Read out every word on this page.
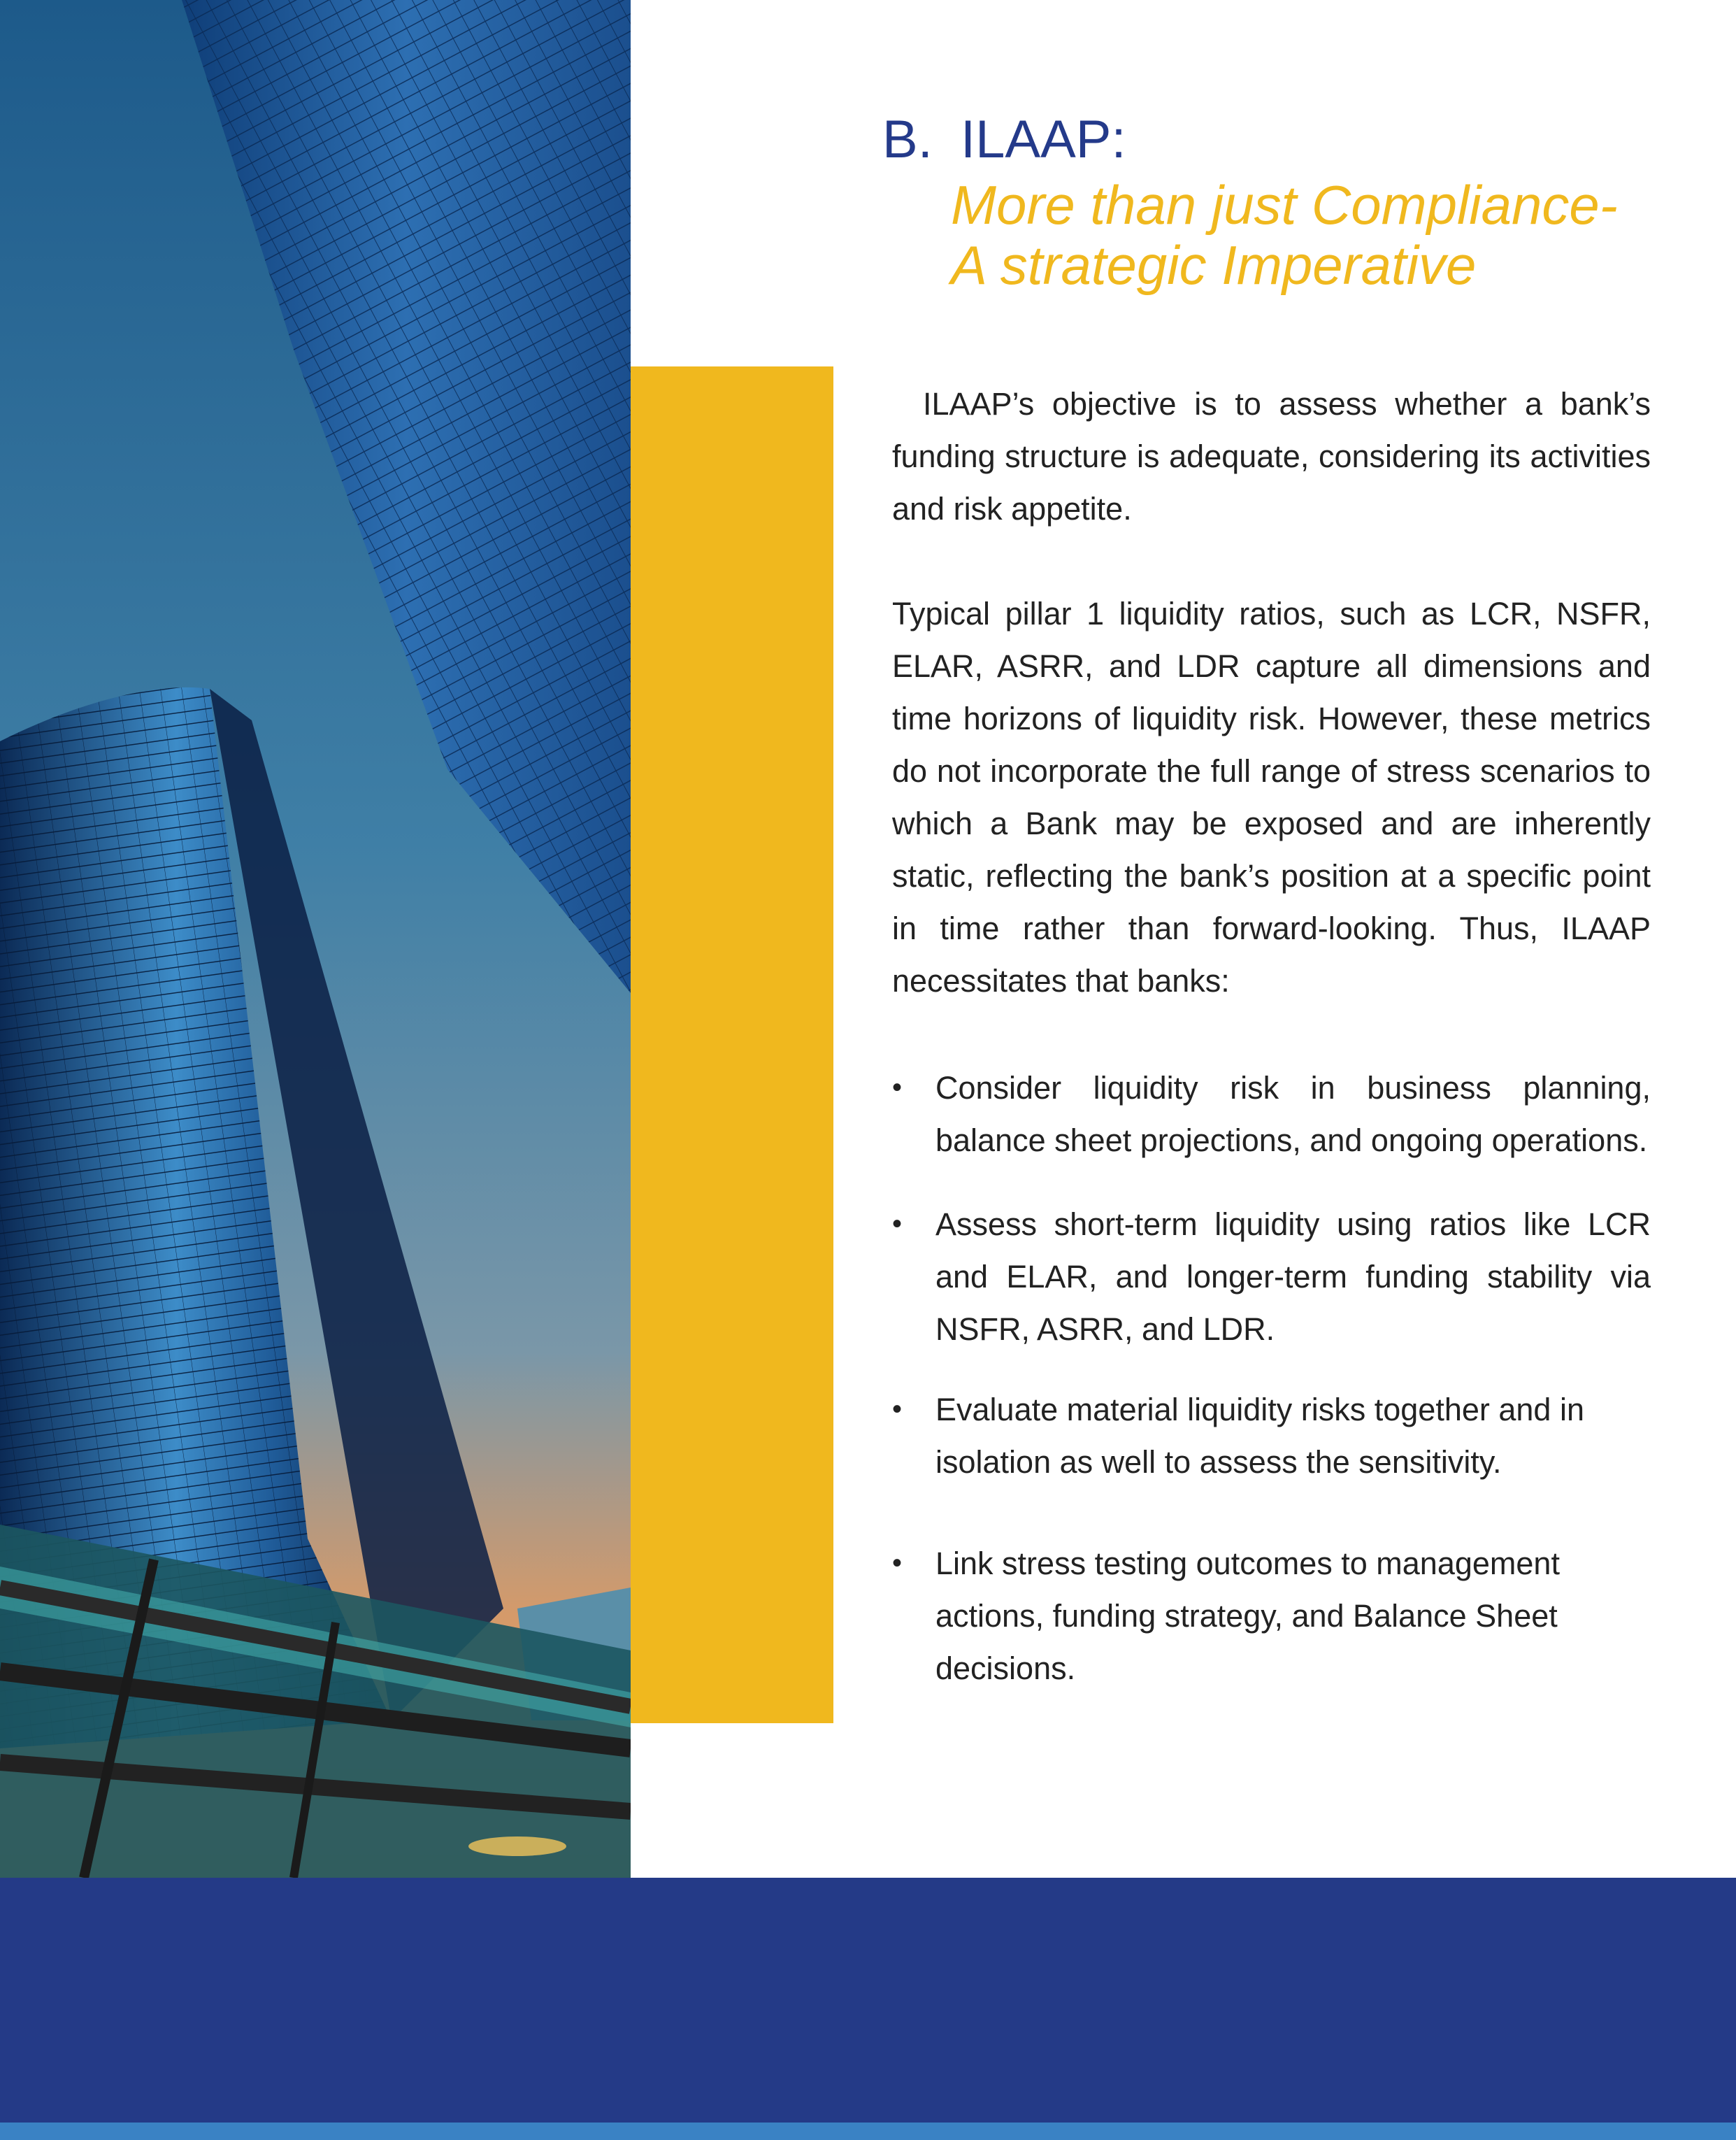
B. ILAAP:
More than just Compliance-
A strategic Imperative

ILAAP’s objective is to assess whether a bank’s funding structure is adequate, considering its activities and risk appetite.

Typical pillar 1 liquidity ratios, such as LCR, NSFR, ELAR, ASRR, and LDR capture all dimensions and time horizons of liquidity risk. However, these metrics do not incorporate the full range of stress scenarios to which a Bank may be exposed and are inherently static, reflecting the bank’s position at a specific point in time rather than forward-looking. Thus, ILAAP necessitates that banks:

•	Consider liquidity risk in business planning, balance sheet projections, and ongoing operations.
•	Assess short-term liquidity using ratios like LCR and ELAR, and longer-term funding stability via NSFR, ASRR, and LDR.
•	Evaluate material liquidity risks together and in isolation as well to assess the sensitivity.
•	Link stress testing outcomes to management actions, funding strategy, and Balance Sheet decisions.
